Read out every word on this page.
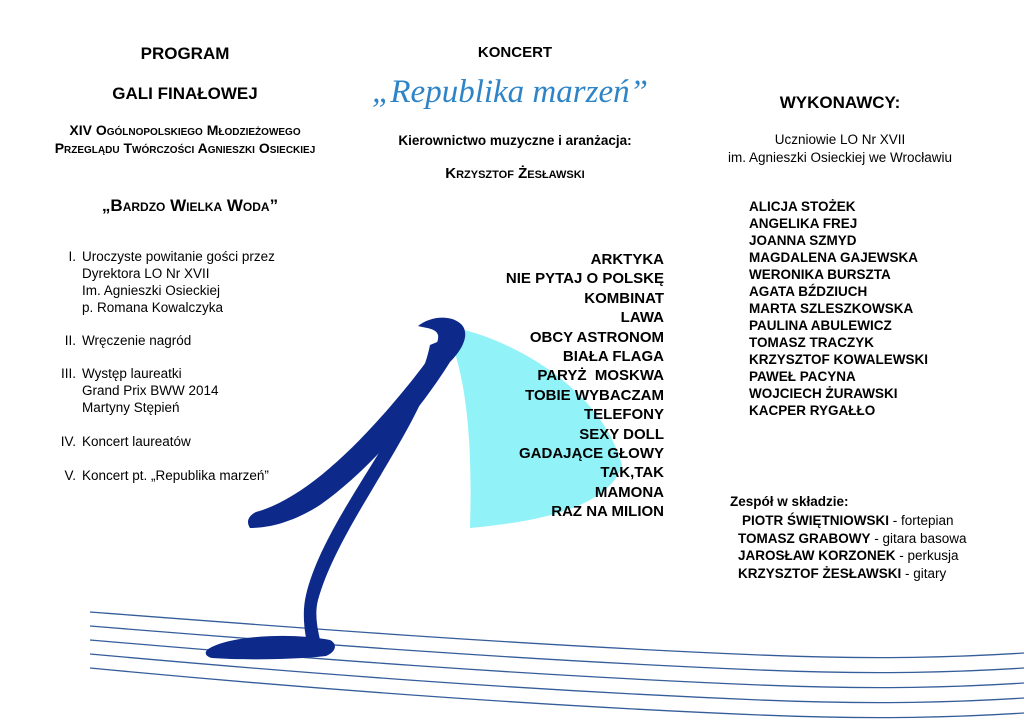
PROGRAM
GALI FINAŁOWEJ
XIV Ogólnopolskiego Młodzieżowego
Przeglądu Twórczości Agnieszki Osieckiej
„Bardzo Wielka Woda”
I. Uroczyste powitanie gości przez
Dyrektora LO Nr XVII
Im. Agnieszki Osieckiej
p. Romana Kowalczyka
II. Wręczenie nagród
III. Występ laureatki
Grand Prix BWW 2014
Martyny Stępień
IV. Koncert laureatów
V. Koncert pt. „Republika marzeń”
KONCERT
„Republika marzeń”
Kierownictwo muzyczne i aranżacja:
Krzysztof Żesławski
ARKTYKA
NIE PYTAJ O POLSKĘ
KOMBINAT
LAWA
OBCY ASTRONOM
BIAŁA FLAGA
PARYŻ  MOSKWA
TOBIE WYBACZAM
TELEFONY
SEXY DOLL
GADAJĄCE GŁOWY
TAK,TAK
MAMONA
RAZ NA MILION
WYKONAWCY:
Uczniowie LO Nr XVII
im. Agnieszki Osieckiej we Wrocławiu
ALICJA STOŻEK
ANGELIKA FREJ
JOANNA SZMYD
MAGDALENA GAJEWSKA
WERONIKA BURSZTA
AGATA BŹDZIUCH
MARTA SZLESZKOWSKA
PAULINA ABULEWICZ
TOMASZ TRACZYK
KRZYSZTOF KOWALEWSKI
PAWEŁ PACYNA
WOJCIECH ŻURAWSKI
KACPER RYGAŁŁO
Zespół w składzie:
PIOTR ŚWIĘTNIOWSKI - fortepian
TOMASZ GRABOWY - gitara basowa
JAROSŁAW KORZONEK - perkusja
KRZYSZTOF ŻESŁAWSKI - gitary
